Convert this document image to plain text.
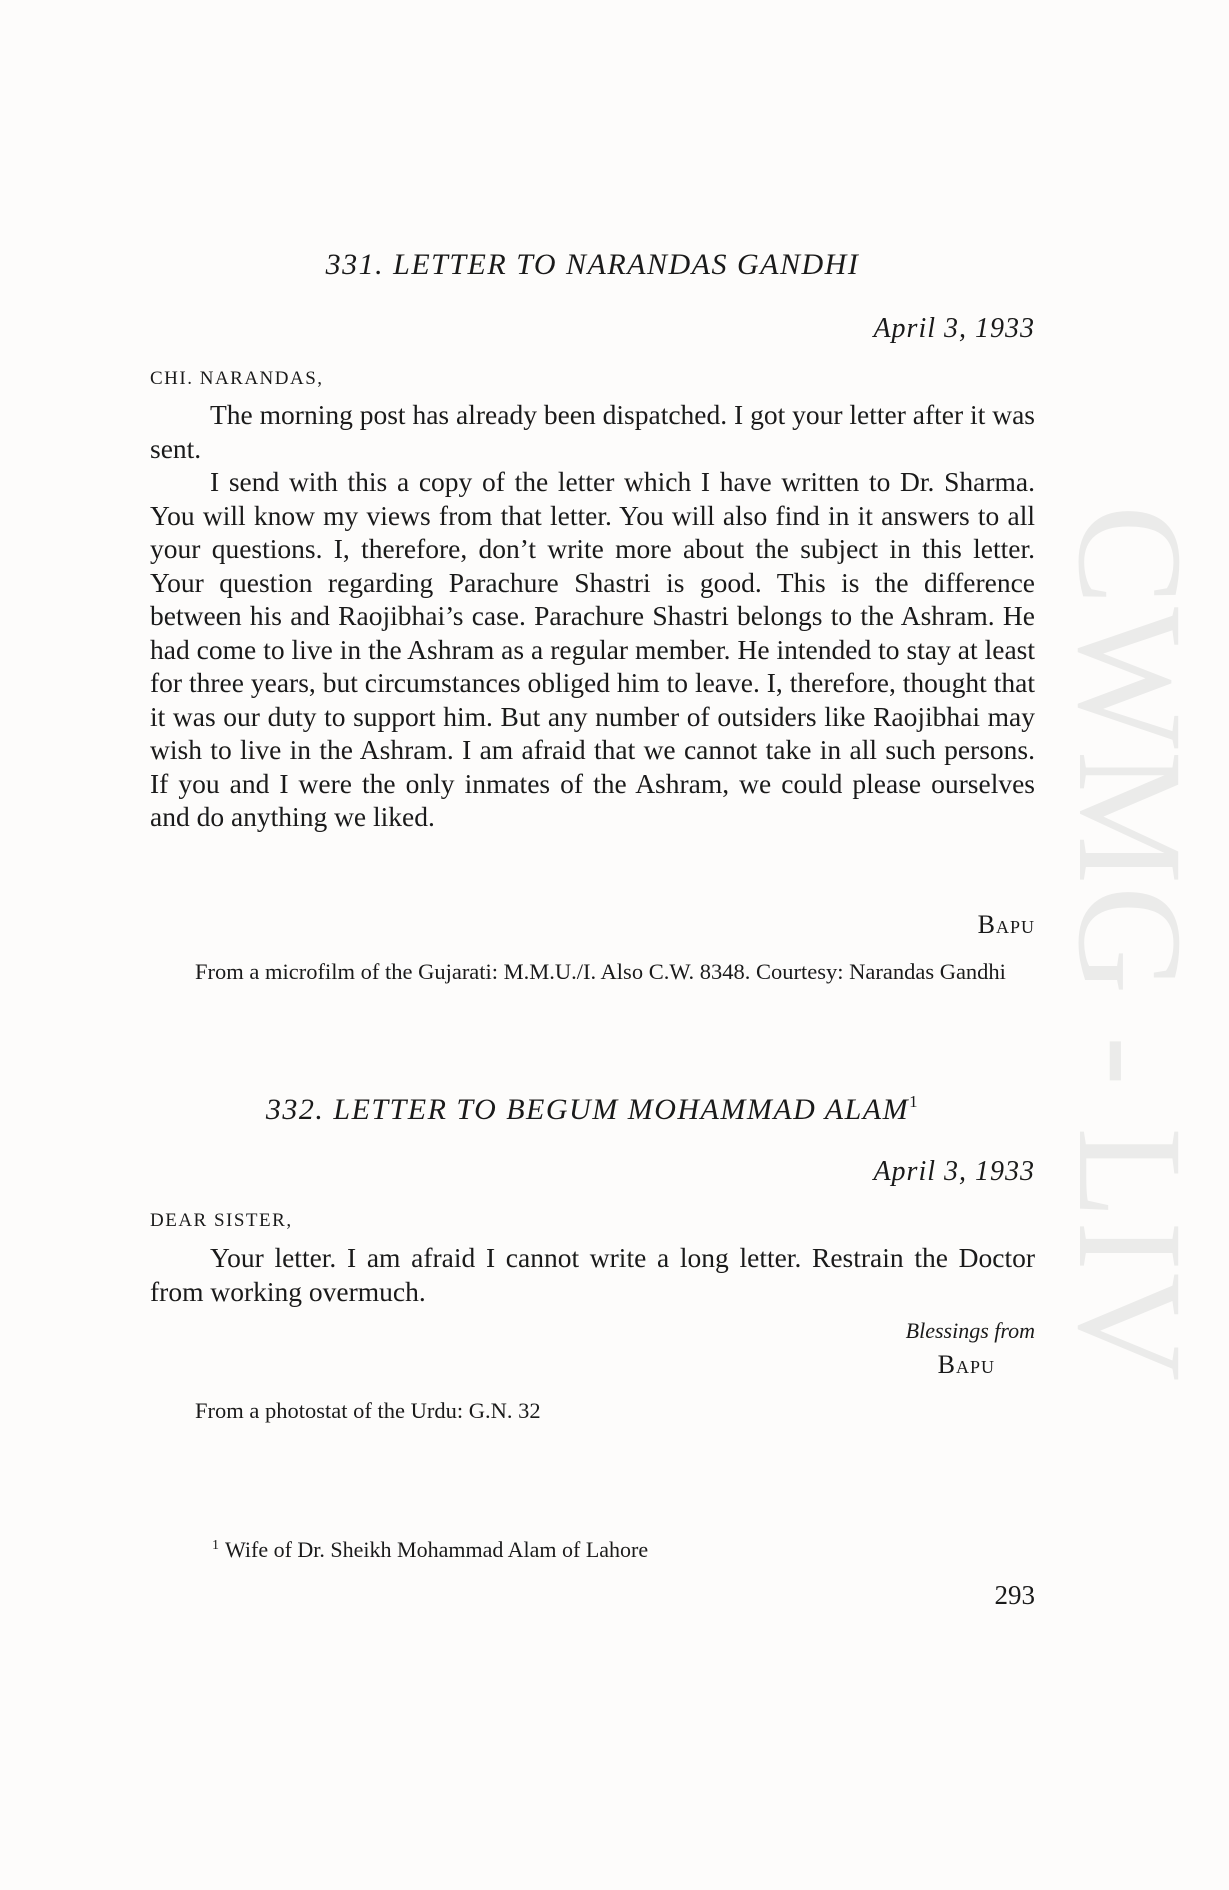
CWMG - LIV
331. LETTER TO NARANDAS GANDHI
April 3, 1933
CHI. NARANDAS,

The morning post has already been dispatched. I got your letter after it was sent.

I send with this a copy of the letter which I have written to Dr. Sharma. You will know my views from that letter. You will also find in it answers to all your questions. I, therefore, don’t write more about the subject in this letter. Your question regarding Parachure Shastri is good. This is the difference between his and Raojibhai’s case. Parachure Shastri belongs to the Ashram. He had come to live in the Ashram as a regular member. He intended to stay at least for three years, but circumstances obliged him to leave. I, therefore, thought that it was our duty to support him. But any number of outsiders like Raojibhai may wish to live in the Ashram. I am afraid that we cannot take in all such persons. If you and I were the only inmates of the Ashram, we could please ourselves and do anything we liked.

Bapu

From a microfilm of the Gujarati: M.M.U./I. Also C.W. 8348. Courtesy: Narandas Gandhi

332. LETTER TO BEGUM MOHAMMAD ALAM$^1$
April 3, 1933
DEAR SISTER,

Your letter. I am afraid I cannot write a long letter. Restrain the Doctor from working overmuch.

Blessings from
Bapu

From a photostat of the Urdu: G.N. 32

$^1$ Wife of Dr. Sheikh Mohammad Alam of Lahore
293
